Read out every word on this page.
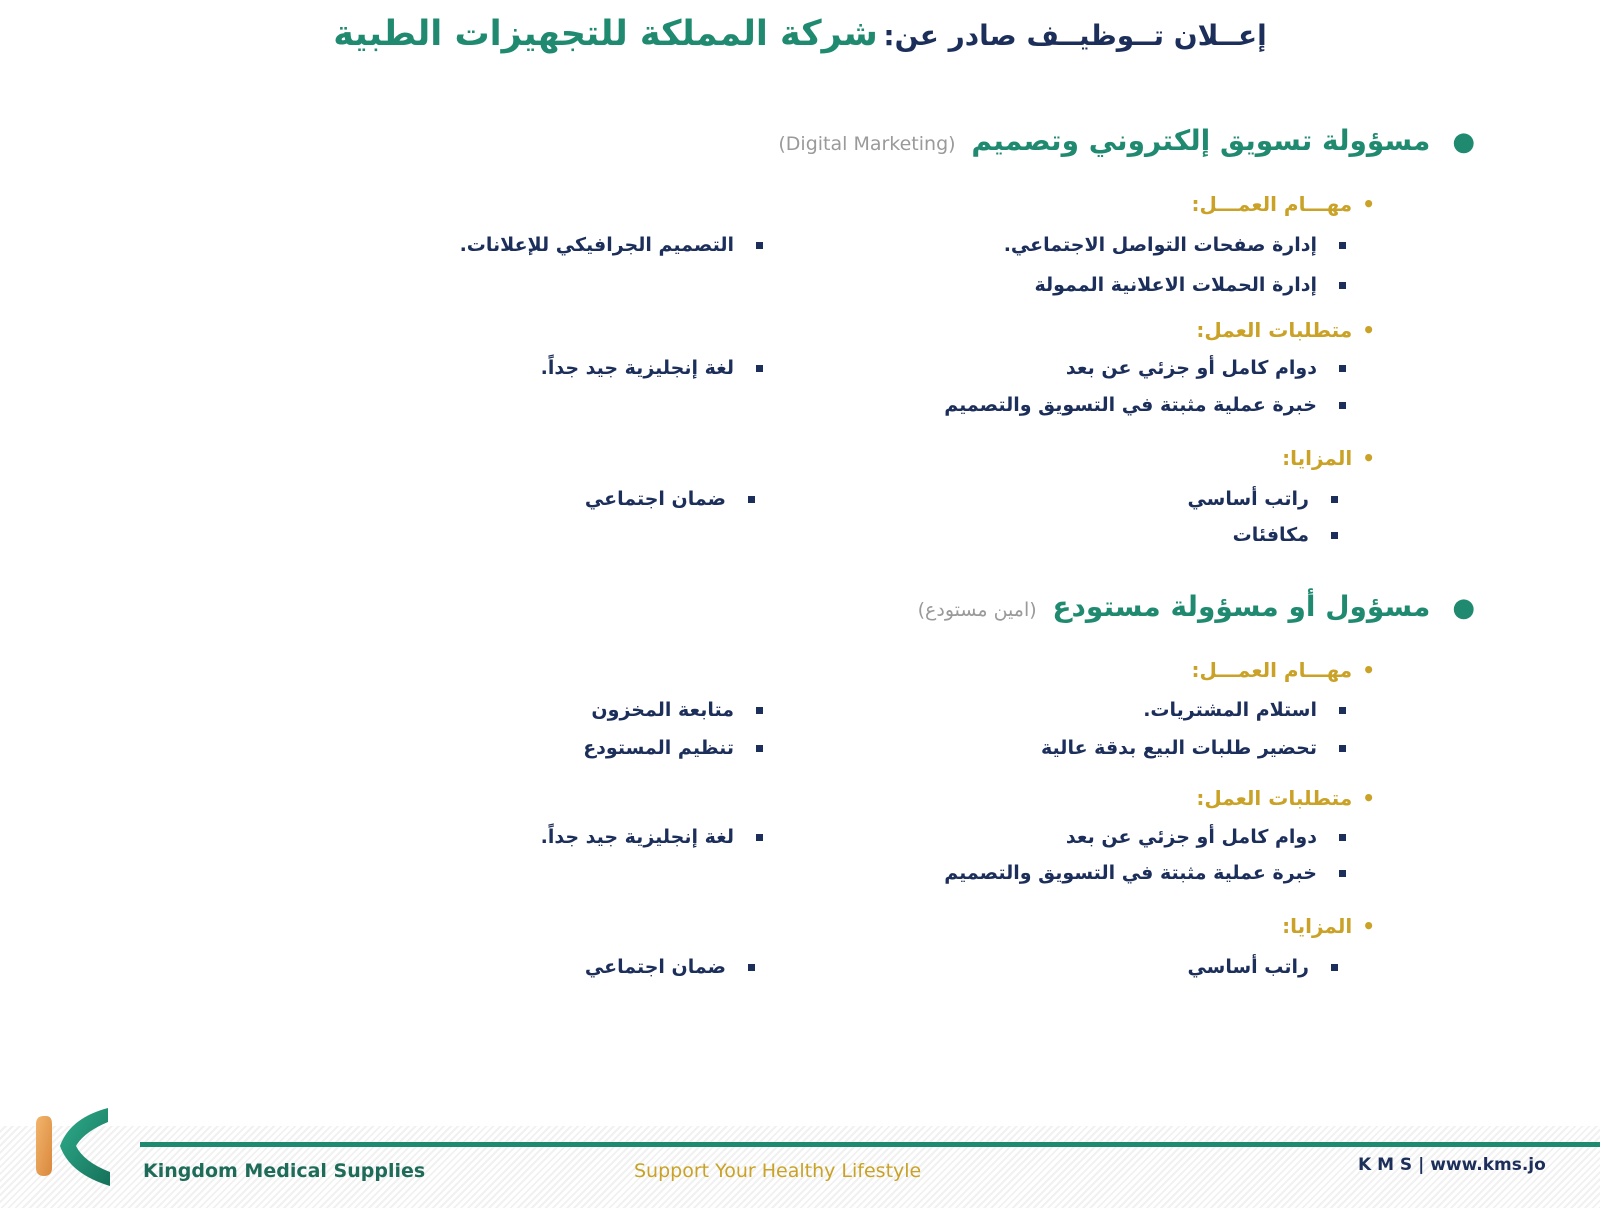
إعــلان تــوظيــف صادر عن: شركة المملكة للتجهيزات الطبية
●مسؤولة تسويق إلكتروني وتصميم (Digital Marketing)
•مهـــام العمـــل:
إدارة صفحات التواصل الاجتماعي.
إدارة الحملات الاعلانية الممولة
التصميم الجرافيكي للإعلانات.
•متطلبات العمل:
دوام كامل أو جزئي عن بعد
خبرة عملية مثبتة في التسويق والتصميم
لغة إنجليزية جيد جداً.
•المزايا:
راتب أساسي
مكافئات
ضمان اجتماعي
●مسؤول أو مسؤولة مستودع (امين مستودع)
•مهـــام العمـــل:
استلام المشتريات.
تحضير طلبات البيع بدقة عالية
متابعة المخزون
تنظيم المستودع
•متطلبات العمل:
دوام كامل أو جزئي عن بعد
خبرة عملية مثبتة في التسويق والتصميم
لغة إنجليزية جيد جداً.
•المزايا:
راتب أساسي
ضمان اجتماعي
Kingdom Medical Supplies	Support Your Healthy Lifestyle	K M S | www.kms.jo
